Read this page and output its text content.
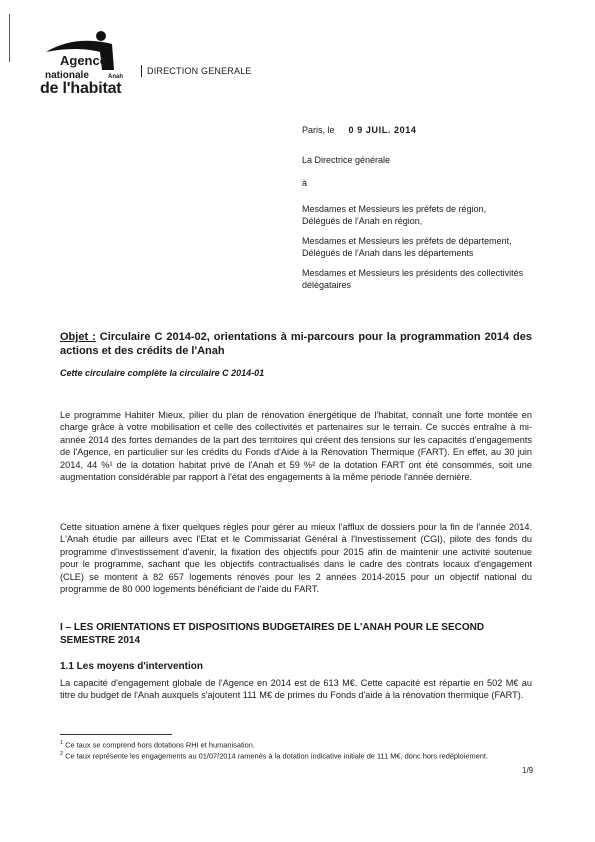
Agence
nationale	Anah
de l'habitat
DIRECTION GENERALE
Paris, le 0 9 JUIL. 2014
La Directrice générale
à
Mesdames et Messieurs les préfets de région,
Délégués de l'Anah en région,
Mesdames et Messieurs les préfets de département,
Délégués de l'Anah dans les départements
Mesdames et Messieurs les présidents des collectivités
délégataires
Objet : Circulaire C 2014-02, orientations à mi-parcours pour la programmation 2014 des actions et des crédits de l'Anah
Cette circulaire complète la circulaire C 2014-01
Le programme Habiter Mieux, pilier du plan de rénovation énergétique de l'habitat, connaît une forte montée en charge grâce à votre mobilisation et celle des collectivités et partenaires sur le terrain. Ce succès entraîne à mi-année 2014 des fortes demandes de la part des territoires qui créent des tensions sur les capacités d'engagements de l'Agence, en particulier sur les crédits du Fonds d'Aide à la Rénovation Thermique (FART). En effet, au 30 juin 2014, 44 %¹ de la dotation habitat privé de l'Anah et 59 %² de la dotation FART ont été consommés, soit une augmentation considérable par rapport à l'état des engagements à la même période l'année dernière.
Cette situation amène à fixer quelques règles pour gérer au mieux l'afflux de dossiers pour la fin de l'année 2014. L'Anah étudie par ailleurs avec l'Etat et le Commissariat Général à l'Investissement (CGI), pilote des fonds du programme d'investissement d'avenir, la fixation des objectifs pour 2015 afin de maintenir une activité soutenue pour le programme, sachant que les objectifs contractualisés dans le cadre des contrats locaux d'engagement (CLE) se montent à 82 657 logements rénovés pour les 2 années 2014-2015 pour un objectif national du programme de 80 000 logements bénéficiant de l'aide du FART.
I – LES ORIENTATIONS ET DISPOSITIONS BUDGETAIRES DE L'ANAH POUR LE SECOND SEMESTRE 2014
1.1 Les moyens d'intervention
La capacité d'engagement globale de l'Agence en 2014 est de 613 M€. Cette capacité est répartie en 502 M€ au titre du budget de l'Anah auxquels s'ajoutent 111 M€ de primes du Fonds d'aide à la rénovation thermique (FART).
$^1$ Ce taux se comprend hors dotations RHI et humanisation.
$^2$ Ce taux représente les engagements au 01/07/2014 ramenés à la dotation indicative initiale de 111 M€, donc hors redéploiement.
1/9
